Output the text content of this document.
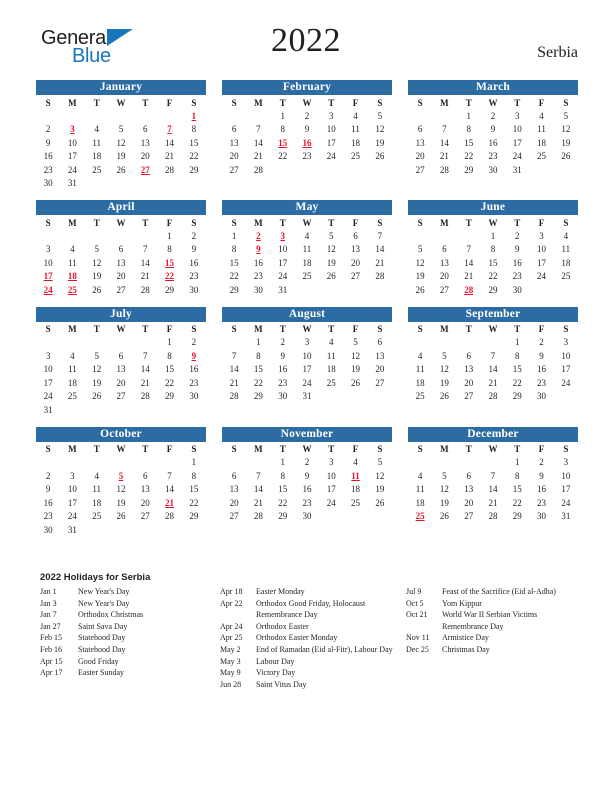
General
Blue	2022	Serbia
January
S	M	T	W	T	F	S
						1
2	3	4	5	6	7	8
9	10	11	12	13	14	15
16	17	18	19	20	21	22
23	24	25	26	27	28	29
30	31					
February
S	M	T	W	T	F	S
		1	2	3	4	5
6	7	8	9	10	11	12
13	14	15	16	17	18	19
20	21	22	23	24	25	26
27	28					
March
S	M	T	W	T	F	S
		1	2	3	4	5
6	7	8	9	10	11	12
13	14	15	16	17	18	19
20	21	22	23	24	25	26
27	28	29	30	31		
April
S	M	T	W	T	F	S
					1	2
3	4	5	6	7	8	9
10	11	12	13	14	15	16
17	18	19	20	21	22	23
24	25	26	27	28	29	30
May
S	M	T	W	T	F	S
1	2	3	4	5	6	7
8	9	10	11	12	13	14
15	16	17	18	19	20	21
22	23	24	25	26	27	28
29	30	31				
June
S	M	T	W	T	F	S
			1	2	3	4
5	6	7	8	9	10	11
12	13	14	15	16	17	18
19	20	21	22	23	24	25
26	27	28	29	30		
July
S	M	T	W	T	F	S
					1	2
3	4	5	6	7	8	9
10	11	12	13	14	15	16
17	18	19	20	21	22	23
24	25	26	27	28	29	30
31						
August
S	M	T	W	T	F	S
	1	2	3	4	5	6
7	8	9	10	11	12	13
14	15	16	17	18	19	20
21	22	23	24	25	26	27
28	29	30	31			
September
S	M	T	W	T	F	S
				1	2	3
4	5	6	7	8	9	10
11	12	13	14	15	16	17
18	19	20	21	22	23	24
25	26	27	28	29	30	
October
S	M	T	W	T	F	S
						1
2	3	4	5	6	7	8
9	10	11	12	13	14	15
16	17	18	19	20	21	22
23	24	25	26	27	28	29
30	31					
November
S	M	T	W	T	F	S
		1	2	3	4	5
6	7	8	9	10	11	12
13	14	15	16	17	18	19
20	21	22	23	24	25	26
27	28	29	30			
December
S	M	T	W	T	F	S
				1	2	3
4	5	6	7	8	9	10
11	12	13	14	15	16	17
18	19	20	21	22	23	24
25	26	27	28	29	30	31
2022 Holidays for Serbia
Jan 1	New Year's Day
Jan 3	New Year's Day
Jan 7	Orthodox Christmas
Jan 27	Saint Sava Day
Feb 15	Statehood Day
Feb 16	Statehood Day
Apr 15	Good Friday
Apr 17	Easter Sunday
Apr 18	Easter Monday
Apr 22	Orthodox Good Friday, Holocaust Remembrance Day
Apr 24	Orthodox Easter
Apr 25	Orthodox Easter Monday
May 2	End of Ramadan (Eid al-Fitr), Labour Day
May 3	Labour Day
May 9	Victory Day
Jun 28	Saint Vitus Day
Jul 9	Feast of the Sacrifice (Eid al-Adha)
Oct 5	Yom Kippur
Oct 21	World War II Serbian Victims Remembrance Day
Nov 11	Armistice Day
Dec 25	Christmas Day
